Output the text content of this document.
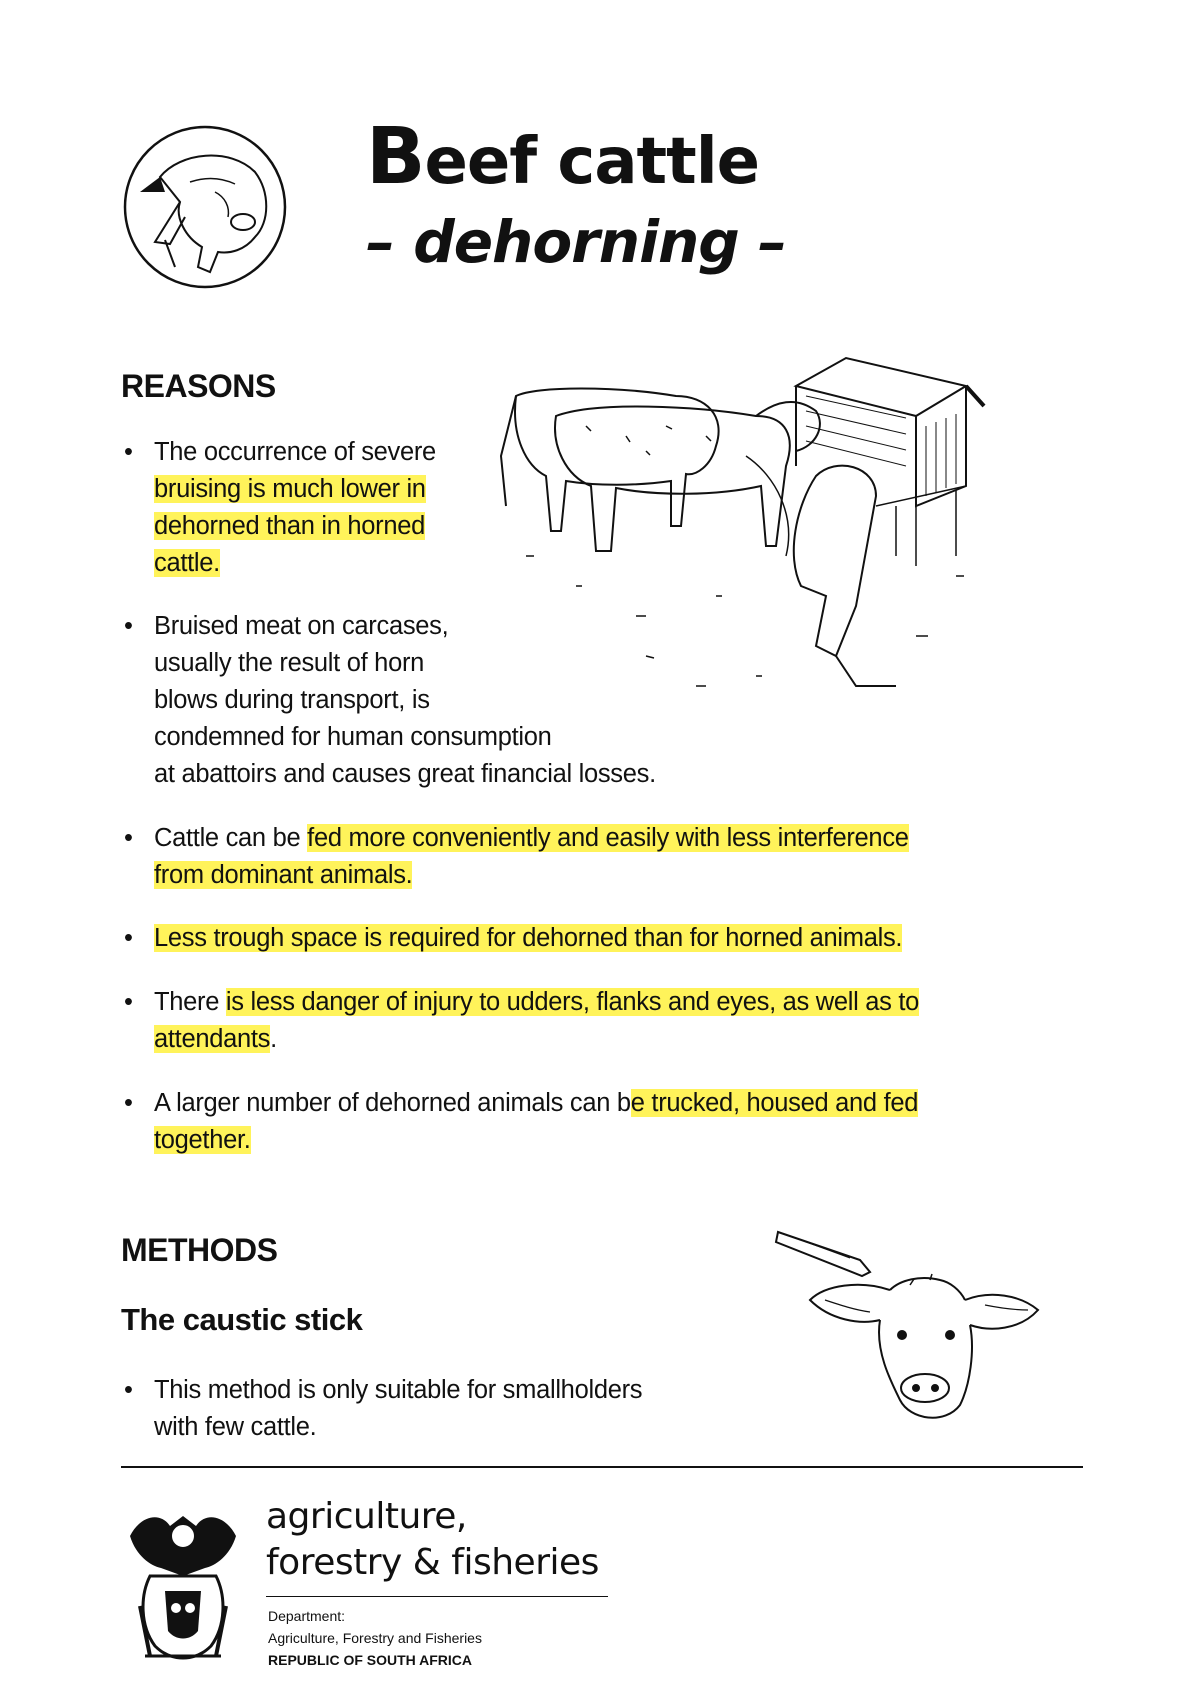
Beef cattle
– dehorning –
REASONS
• The occurrence of severe
bruising is much lower in
dehorned than in horned
cattle.
• Bruised meat on carcases,
usually the result of horn
blows during transport, is
condemned for human consumption
at abattoirs and causes great financial losses.
• Cattle can be fed more conveniently and easily with less interference
from dominant animals.
• Less trough space is required for dehorned than for horned animals.
• There is less danger of injury to udders, flanks and eyes, as well as to
attendants.
• A larger number of dehorned animals can be trucked, housed and fed
together.
METHODS
The caustic stick
• This method is only suitable for smallholders
with few cattle.
agriculture,
forestry & fisheries
Department:
Agriculture, Forestry and Fisheries
REPUBLIC OF SOUTH AFRICA
